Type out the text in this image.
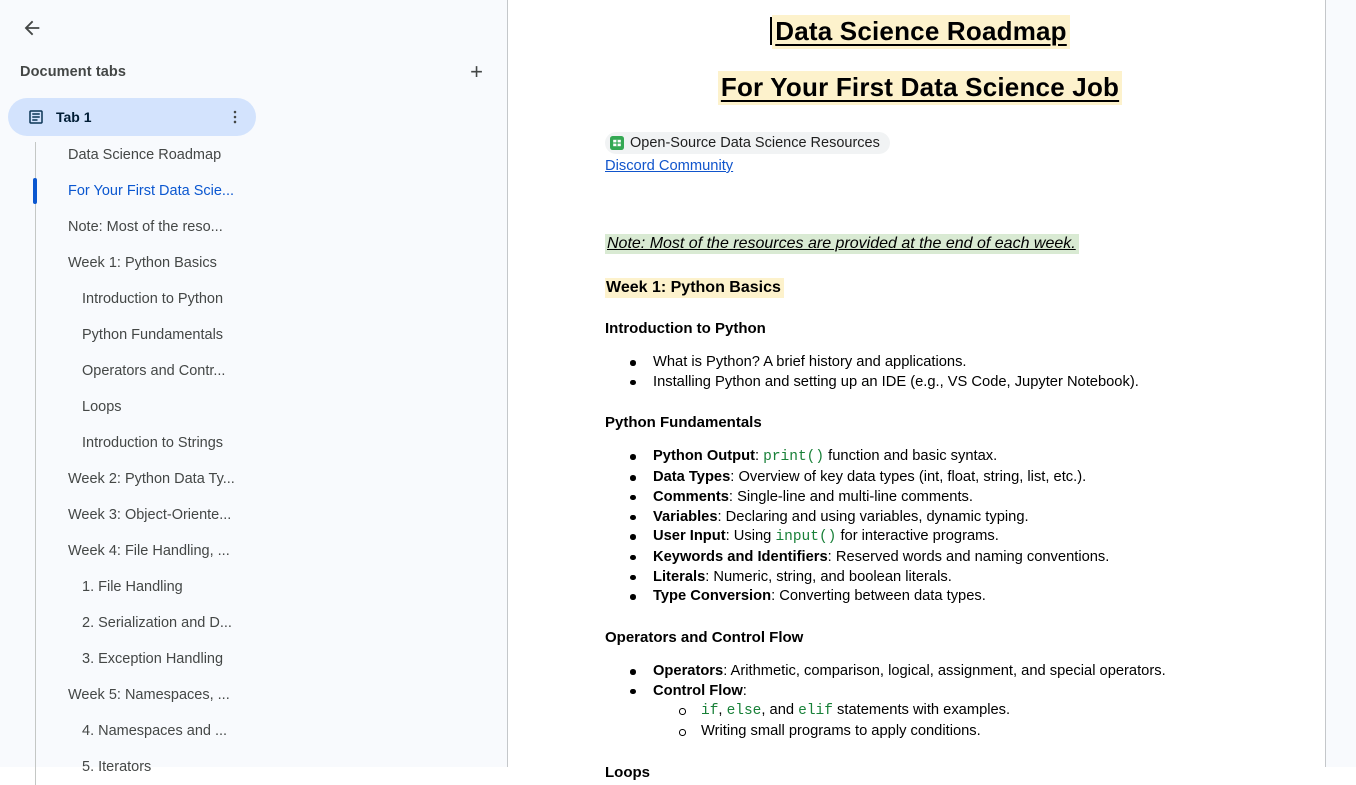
Document tabs	+
Tab 1
Data Science Roadmap
For Your First Data Scie...
Note: Most of the reso...
Week 1: Python Basics
Introduction to Python
Python Fundamentals
Operators and Contr...
Loops
Introduction to Strings
Week 2: Python Data Ty...
Week 3: Object-Oriente...
Week 4: File Handling, ...
1. File Handling
2. Serialization and D...
3. Exception Handling
Week 5: Namespaces, ...
4. Namespaces and ...
5. Iterators
Data Science Roadmap
For Your First Data Science Job
Open-Source Data Science Resources
Discord Community
Note: Most of the resources are provided at the end of each week.
Week 1: Python Basics
Introduction to Python
What is Python? A brief history and applications.
Installing Python and setting up an IDE (e.g., VS Code, Jupyter Notebook).
Python Fundamentals
Python Output: print() function and basic syntax.
Data Types: Overview of key data types (int, float, string, list, etc.).
Comments: Single-line and multi-line comments.
Variables: Declaring and using variables, dynamic typing.
User Input: Using input() for interactive programs.
Keywords and Identifiers: Reserved words and naming conventions.
Literals: Numeric, string, and boolean literals.
Type Conversion: Converting between data types.
Operators and Control Flow
Operators: Arithmetic, comparison, logical, assignment, and special operators.
Control Flow:
if, else, and elif statements with examples.
Writing small programs to apply conditions.
Loops
